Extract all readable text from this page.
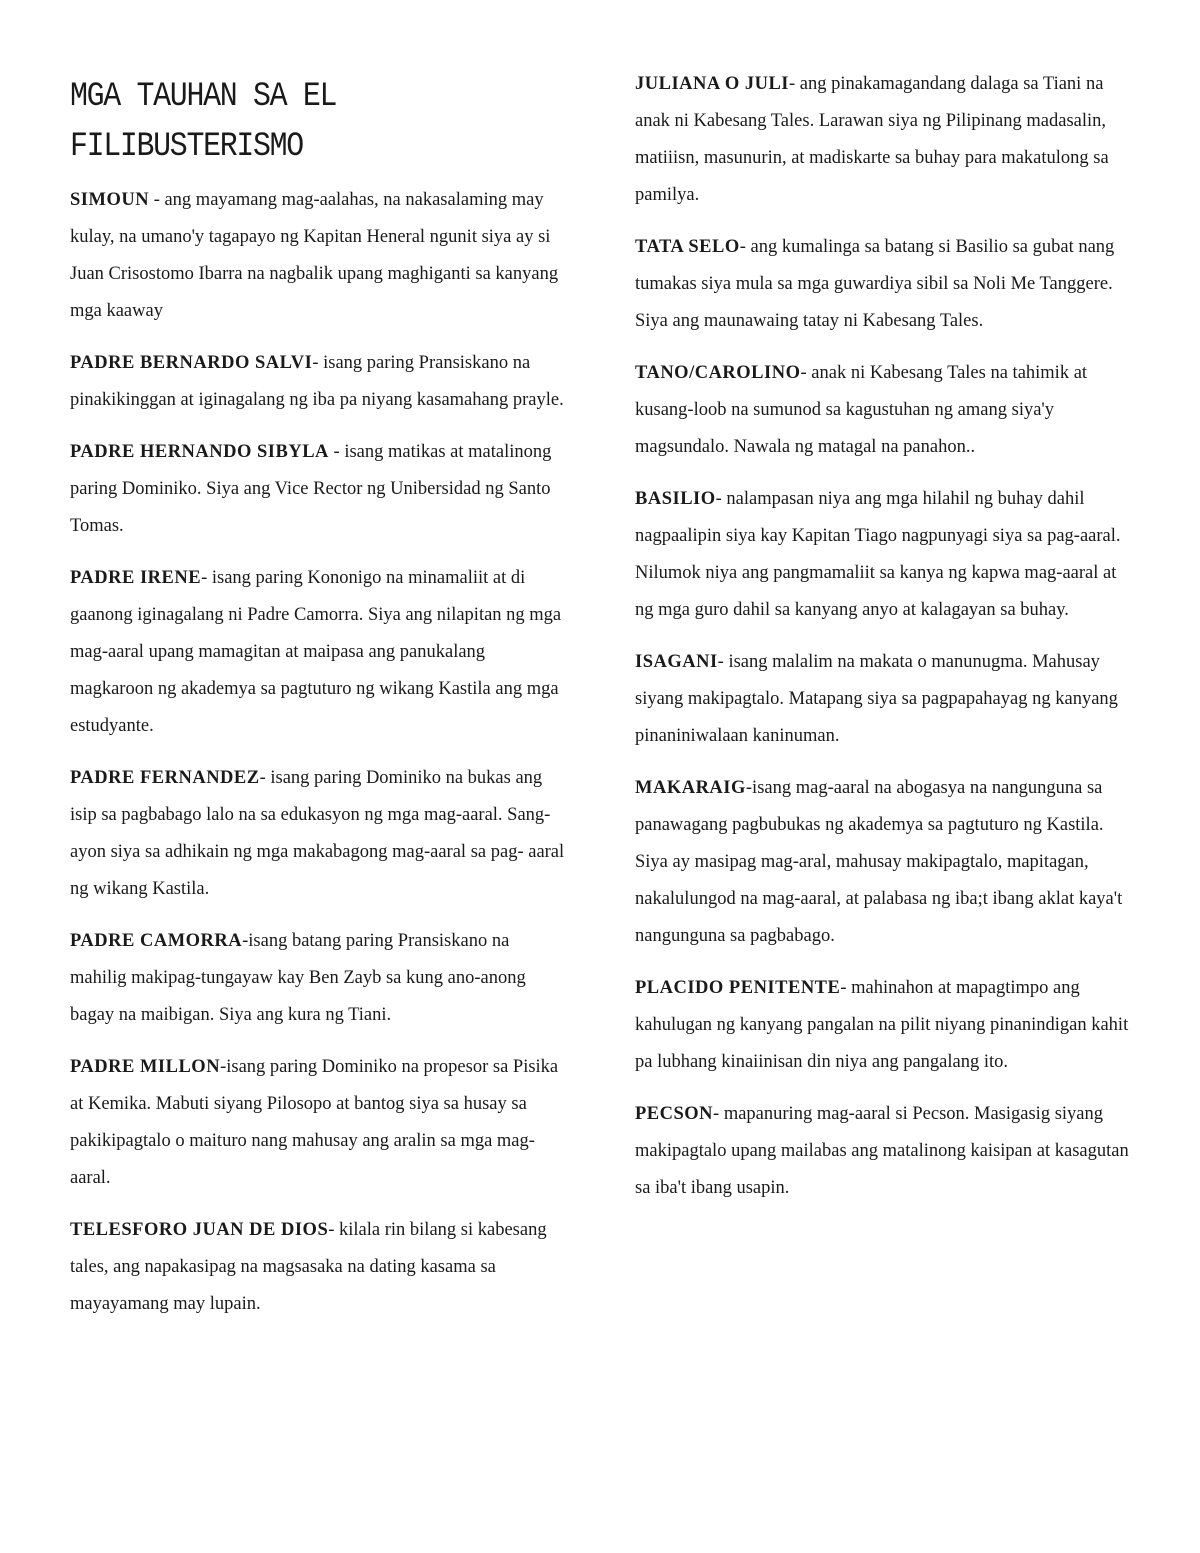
MGA TAUHAN SA EL
FILIBUSTERISMO

SIMOUN - ang mayamang mag-aalahas, na nakasalaming may kulay, na umano'y tagapayo ng Kapitan Heneral ngunit siya ay si Juan Crisostomo Ibarra na nagbalik upang maghiganti sa kanyang mga kaaway

PADRE BERNARDO SALVI- isang paring Pransiskano na pinakikinggan at iginagalang ng iba pa niyang kasamahang prayle.

PADRE HERNANDO SIBYLA - isang matikas at matalinong paring Dominiko. Siya ang Vice Rector ng Unibersidad ng Santo Tomas.

PADRE IRENE- isang paring Kononigo na minamaliit at di gaanong iginagalang ni Padre Camorra. Siya ang nilapitan ng mga mag-aaral upang mamagitan at maipasa ang panukalang magkaroon ng akademya sa pagtuturo ng wikang Kastila ang mga estudyante.

PADRE FERNANDEZ- isang paring Dominiko na bukas ang isip sa pagbabago lalo na sa edukasyon ng mga mag-aaral. Sang-ayon siya sa adhikain ng mga makabagong mag-aaral sa pag- aaral ng wikang Kastila.

PADRE CAMORRA-isang batang paring Pransiskano na mahilig makipag-tungayaw kay Ben Zayb sa kung ano-anong bagay na maibigan. Siya ang kura ng Tiani.

PADRE MILLON-isang paring Dominiko na propesor sa Pisika at Kemika. Mabuti siyang Pilosopo at bantog siya sa husay sa pakikipagtalo o maituro nang mahusay ang aralin sa mga mag-aaral.

TELESFORO JUAN DE DIOS- kilala rin bilang si kabesang tales, ang napakasipag na magsasaka na dating kasama sa mayayamang may lupain.

JULIANA O JULI- ang pinakamagandang dalaga sa Tiani na anak ni Kabesang Tales. Larawan siya ng Pilipinang madasalin, matiiisn, masunurin, at madiskarte sa buhay para makatulong sa pamilya.

TATA SELO- ang kumalinga sa batang si Basilio sa gubat nang tumakas siya mula sa mga guwardiya sibil sa Noli Me Tanggere. Siya ang maunawaing tatay ni Kabesang Tales.

TANO/CAROLINO- anak ni Kabesang Tales na tahimik at kusang-loob na sumunod sa kagustuhan ng amang siya'y magsundalo. Nawala ng matagal na panahon..

BASILIO- nalampasan niya ang mga hilahil ng buhay dahil nagpaalipin siya kay Kapitan Tiago nagpunyagi siya sa pag-aaral. Nilumok niya ang pangmamaliit sa kanya ng kapwa mag-aaral at ng mga guro dahil sa kanyang anyo at kalagayan sa buhay.

ISAGANI- isang malalim na makata o manunugma. Mahusay siyang makipagtalo. Matapang siya sa pagpapahayag ng kanyang pinaniniwalaan kaninuman.

MAKARAIG-isang mag-aaral na abogasya na nangunguna sa panawagang pagbubukas ng akademya sa pagtuturo ng Kastila. Siya ay masipag mag-aral, mahusay makipagtalo, mapitagan, nakalulungod na mag-aaral, at palabasa ng iba;t ibang aklat kaya't nangunguna sa pagbabago.

PLACIDO PENITENTE- mahinahon at mapagtimpo ang kahulugan ng kanyang pangalan na pilit niyang pinanindigan kahit pa lubhang kinaiinisan din niya ang pangalang ito.

PECSON- mapanuring mag-aaral si Pecson. Masigasig siyang makipagtalo upang mailabas ang matalinong kaisipan at kasagutan sa iba't ibang usapin.
